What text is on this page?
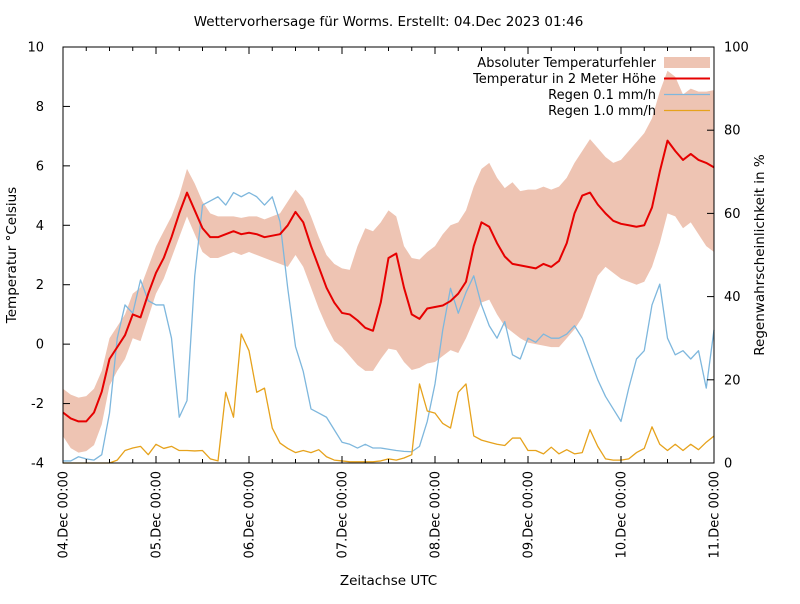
04.Dec 00:00	05.Dec 00:00	06.Dec 00:00	07.Dec 00:00	08.Dec 00:00	09.Dec 00:00	10.Dec 00:00	11.Dec 00:00
10
8
6
4
2
0
-2
-4
100
80
60
40
20
0
Wettervorhersage für Worms. Erstellt: 04.Dec 2023 01:46
Zeitachse UTC
Temperatur °Celsius	Regenwahrscheinlichkeit in %
Absoluter Temperaturfehler
Temperatur in 2 Meter Höhe
Regen 0.1 mm/h
Regen 1.0 mm/h
